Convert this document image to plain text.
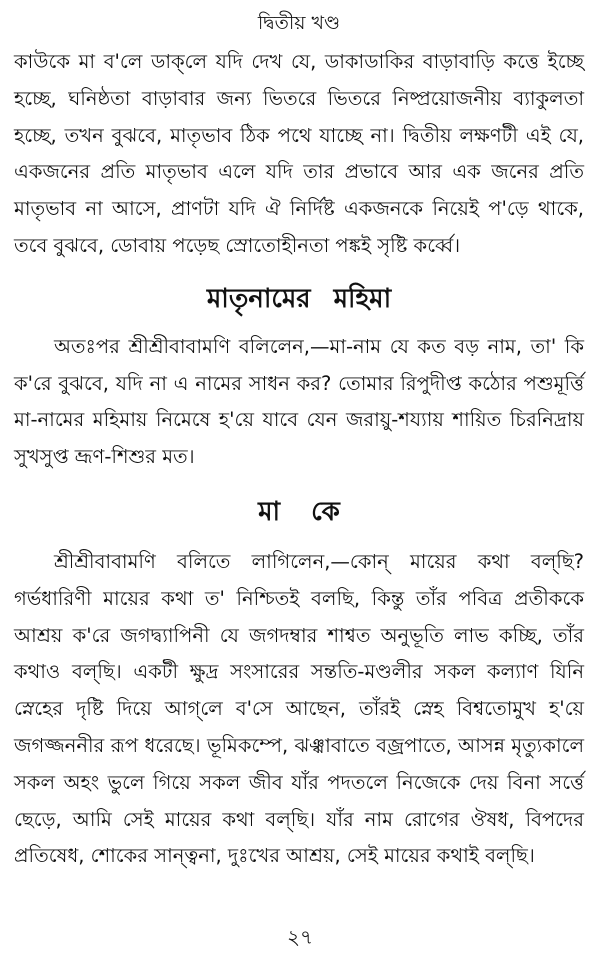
দ্বিতীয় খণ্ড

কাউকে মা ব'লে ডাক্‌লে যদি দেখ যে, ডাকাডাকির বাড়াবাড়ি কত্তে ইচ্ছে হচ্ছে, ঘনিষ্ঠতা বাড়াবার জন্য ভিতরে ভিতরে নিষ্প্রয়োজনীয় ব্যাকুলতা হচ্ছে, তখন বুঝবে, মাতৃভাব ঠিক পথে যাচ্ছে না। দ্বিতীয় লক্ষণটী এই যে, একজনের প্রতি মাতৃভাব এলে যদি তার প্রভাবে আর এক জনের প্রতি মাতৃভাব না আসে, প্রাণটা যদি ঐ নির্দিষ্ট একজনকে নিয়েই প'ড়ে থাকে, তবে বুঝবে, ডোবায় পড়েছ স্রোতোহীনতা পঙ্কই সৃষ্টি কর্ব্বে।

মাতৃনামের মহিমা

অতঃপর শ্রীশ্রীবাবামণি বলিলেন,—মা-নাম যে কত বড় নাম, তা' কি ক'রে বুঝবে, যদি না এ নামের সাধন কর? তোমার রিপুদীপ্ত কঠোর পশুমূর্ত্তি মা-নামের মহিমায় নিমেষে হ'য়ে যাবে যেন জরায়ু-শয্যায় শায়িত চিরনিদ্রায় সুখসুপ্ত ভ্রূণ-শিশুর মত।

মা কে

শ্রীশ্রীবাবামণি বলিতে লাগিলেন,—কোন্‌ মায়ের কথা বল্‌ছি? গর্ভধারিণী মায়ের কথা ত' নিশ্চিতই বলছি, কিন্তু তাঁর পবিত্র প্রতীককে আশ্রয় ক'রে জগদ্ব্যাপিনী যে জগদম্বার শাশ্বত অনুভূতি লাভ কচ্ছি, তাঁর কথাও বল্‌ছি। একটী ক্ষুদ্র সংসারের সন্ততি-মণ্ডলীর সকল কল্যাণ যিনি স্নেহের দৃষ্টি দিয়ে আগ্‌লে ব'সে আছেন, তাঁরই স্নেহ বিশ্বতোমুখ হ'য়ে জগজ্জননীর রূপ ধরেছে। ভূমিকম্পে, ঝঞ্ঝাবাতে বজ্রপাতে, আসন্ন মৃত্যুকালে সকল অহং ভুলে গিয়ে সকল জীব যাঁর পদতলে নিজেকে দেয় বিনা সর্ত্তে ছেড়ে, আমি সেই মায়ের কথা বল্‌ছি। যাঁর নাম রোগের ঔষধ, বিপদের প্রতিষেধ, শোকের সান্ত্বনা, দুঃখের আশ্রয়, সেই মায়ের কথাই বল্‌ছি।

২৭
